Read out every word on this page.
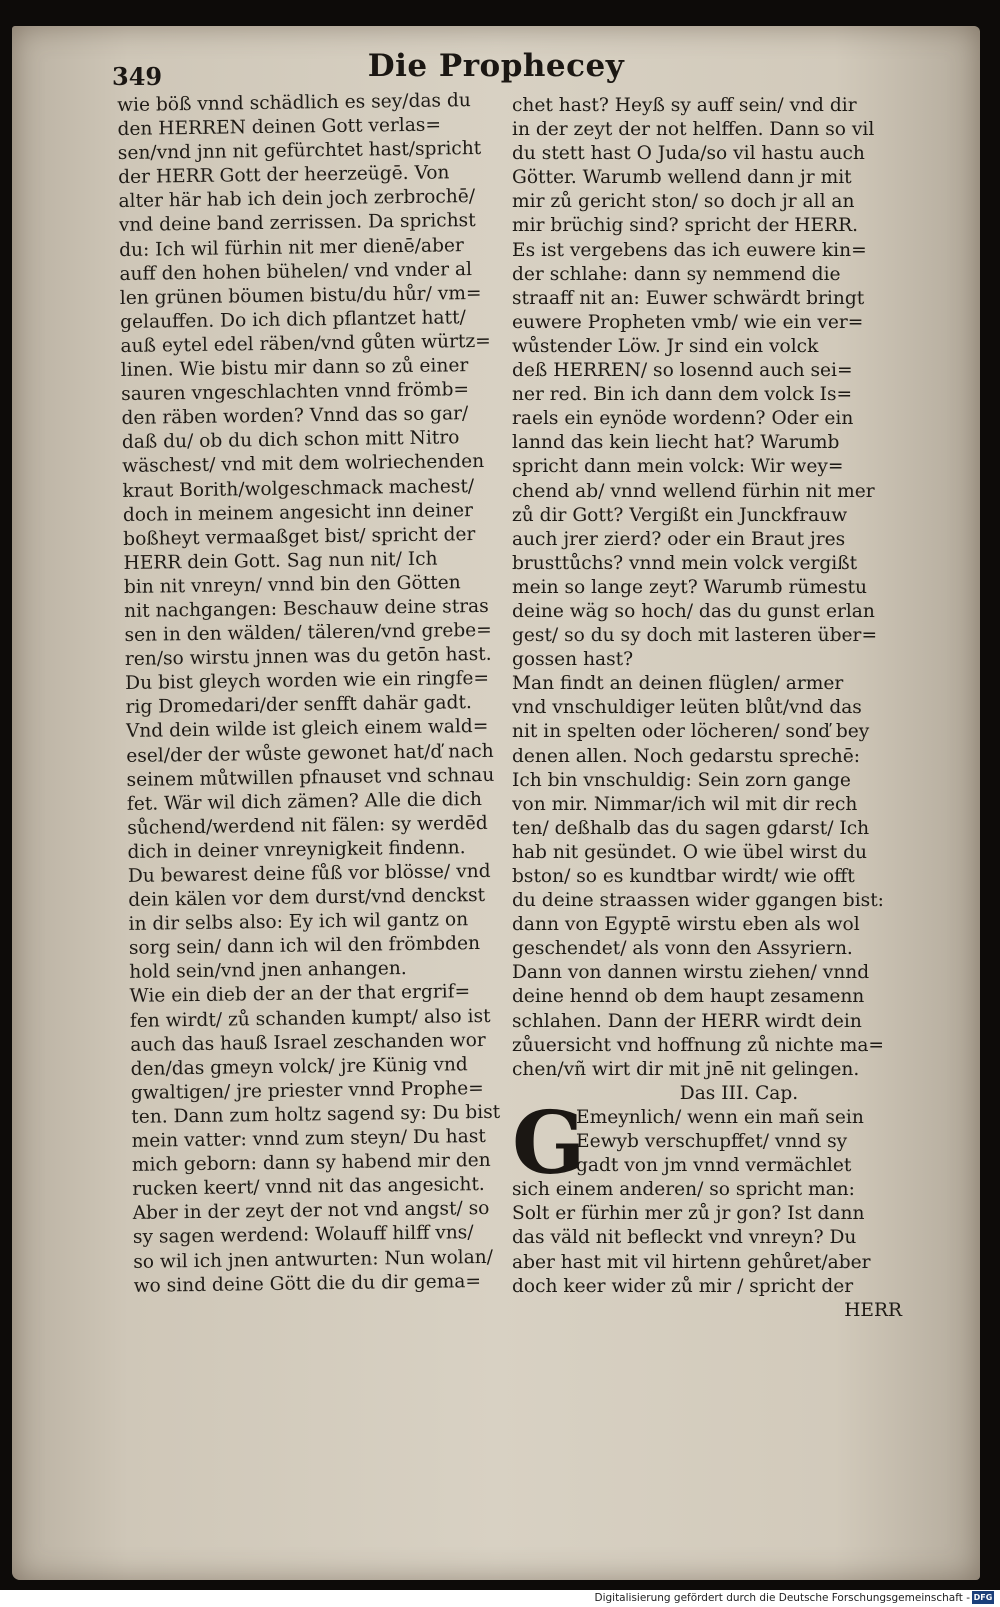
349	Die Prophecey
wie böß vnnd schädlich es sey/das du
den HERREN deinen Gott verlas=
sen/vnd jnn nit gefürchtet hast/spricht
der HERR Gott der heerzeügē. Von
alter här hab ich dein joch zerbrochē/
vnd deine band zerrissen. Da sprichst
du: Ich wil fürhin nit mer dienē/aber
auff den hohen bühelen/ vnd vnder al
len grünen böumen bistu/du hůr/ vm=
gelauffen. Do ich dich pflantzet hatt/
auß eytel edel räben/vnd gůten würtz=
linen. Wie bistu mir dann so zů einer
sauren vngeschlachten vnnd frömb=
den räben worden? Vnnd das so gar/
daß du/ ob du dich schon mitt Nitro
wäschest/ vnd mit dem wolriechenden
kraut Borith/wolgeschmack machest/
doch in meinem angesicht inn deiner
boßheyt vermaaßget bist/ spricht der
HERR dein Gott. Sag nun nit/ Ich
bin nit vnreyn/ vnnd bin den Götten
nit nachgangen: Beschauw deine stras
sen in den wälden/ täleren/vnd grebe=
ren/so wirstu jnnen was du getōn hast.
Du bist gleych worden wie ein ringfe=
rig Dromedari/der senfft dahär gadt.
Vnd dein wilde ist gleich einem wald=
esel/der der wůste gewonet hat/ď nach
seinem můtwillen pfnauset vnd schnau
fet. Wär wil dich zämen? Alle die dich
sůchend/werdend nit fälen: sy werdēd
dich in deiner vnreynigkeit findenn.
Du bewarest deine fůß vor blösse/ vnd
dein kälen vor dem durst/vnd denckst
in dir selbs also: Ey ich wil gantz on
sorg sein/ dann ich wil den frömbden
hold sein/vnd jnen anhangen.
Wie ein dieb der an der that ergrif=
fen wirdt/ zů schanden kumpt/ also ist
auch das hauß Israel zeschanden wor
den/das gmeyn volck/ jre Künig vnd
gwaltigen/ jre priester vnnd Prophe=
ten. Dann zum holtz sagend sy: Du bist
mein vatter: vnnd zum steyn/ Du hast
mich geborn: dann sy habend mir den
rucken keert/ vnnd nit das angesicht.
Aber in der zeyt der not vnd angst/ so
sy sagen werdend: Wolauff hilff vns/
so wil ich jnen antwurten: Nun wolan/
wo sind deine Gött die du dir gema=
chet hast? Heyß sy auff sein/ vnd dir
in der zeyt der not helffen. Dann so vil
du stett hast O Juda/so vil hastu auch
Götter. Warumb wellend dann jr mit
mir zů gericht ston/ so doch jr all an
mir brüchig sind? spricht der HERR.
Es ist vergebens das ich euwere kin=
der schlahe: dann sy nemmend die
straaff nit an: Euwer schwärdt bringt
euwere Propheten vmb/ wie ein ver=
wůstender Löw. Jr sind ein volck
deß HERREN/ so losennd auch sei=
ner red. Bin ich dann dem volck Is=
raels ein eynöde wordenn? Oder ein
lannd das kein liecht hat? Warumb
spricht dann mein volck: Wir wey=
chend ab/ vnnd wellend fürhin nit mer
zů dir Gott? Vergißt ein Junckfrauw
auch jrer zierd? oder ein Braut jres
brusttůchs? vnnd mein volck vergißt
mein so lange zeyt? Warumb rümestu
deine wäg so hoch/ das du gunst erlan
gest/ so du sy doch mit lasteren über=
gossen hast?
Man findt an deinen flüglen/ armer
vnd vnschuldiger leüten blůt/vnd das
nit in spelten oder löcheren/ sonď bey
denen allen. Noch gedarstu sprechē:
Ich bin vnschuldig: Sein zorn gange
von mir. Nimmar/ich wil mit dir rech
ten/ deßhalb das du sagen gdarst/ Ich
hab nit gesündet. O wie übel wirst du
bston/ so es kundtbar wirdt/ wie offt
du deine straassen wider ggangen bist:
dann von Egyptē wirstu eben als wol
geschendet/ als vonn den Assyriern.
Dann von dannen wirstu ziehen/ vnnd
deine hennd ob dem haupt zesamenn
schlahen. Dann der HERR wirdt dein
zůuersicht vnd hoffnung zů nichte ma=
chen/vñ wirt dir mit jnē nit gelingen.
Das III. Cap.
G
Emeynlich/ wenn ein mañ sein
Eewyb verschupffet/ vnnd sy
gadt von jm vnnd vermächlet
sich einem anderen/ so spricht man:
Solt er fürhin mer zů jr gon? Ist dann
das väld nit befleckt vnd vnreyn? Du
aber hast mit vil hirtenn gehůret/aber
doch keer wider zů mir / spricht der
HERR
Digitalisierung gefördert durch die Deutsche Forschungsgemeinschaft - DFG
